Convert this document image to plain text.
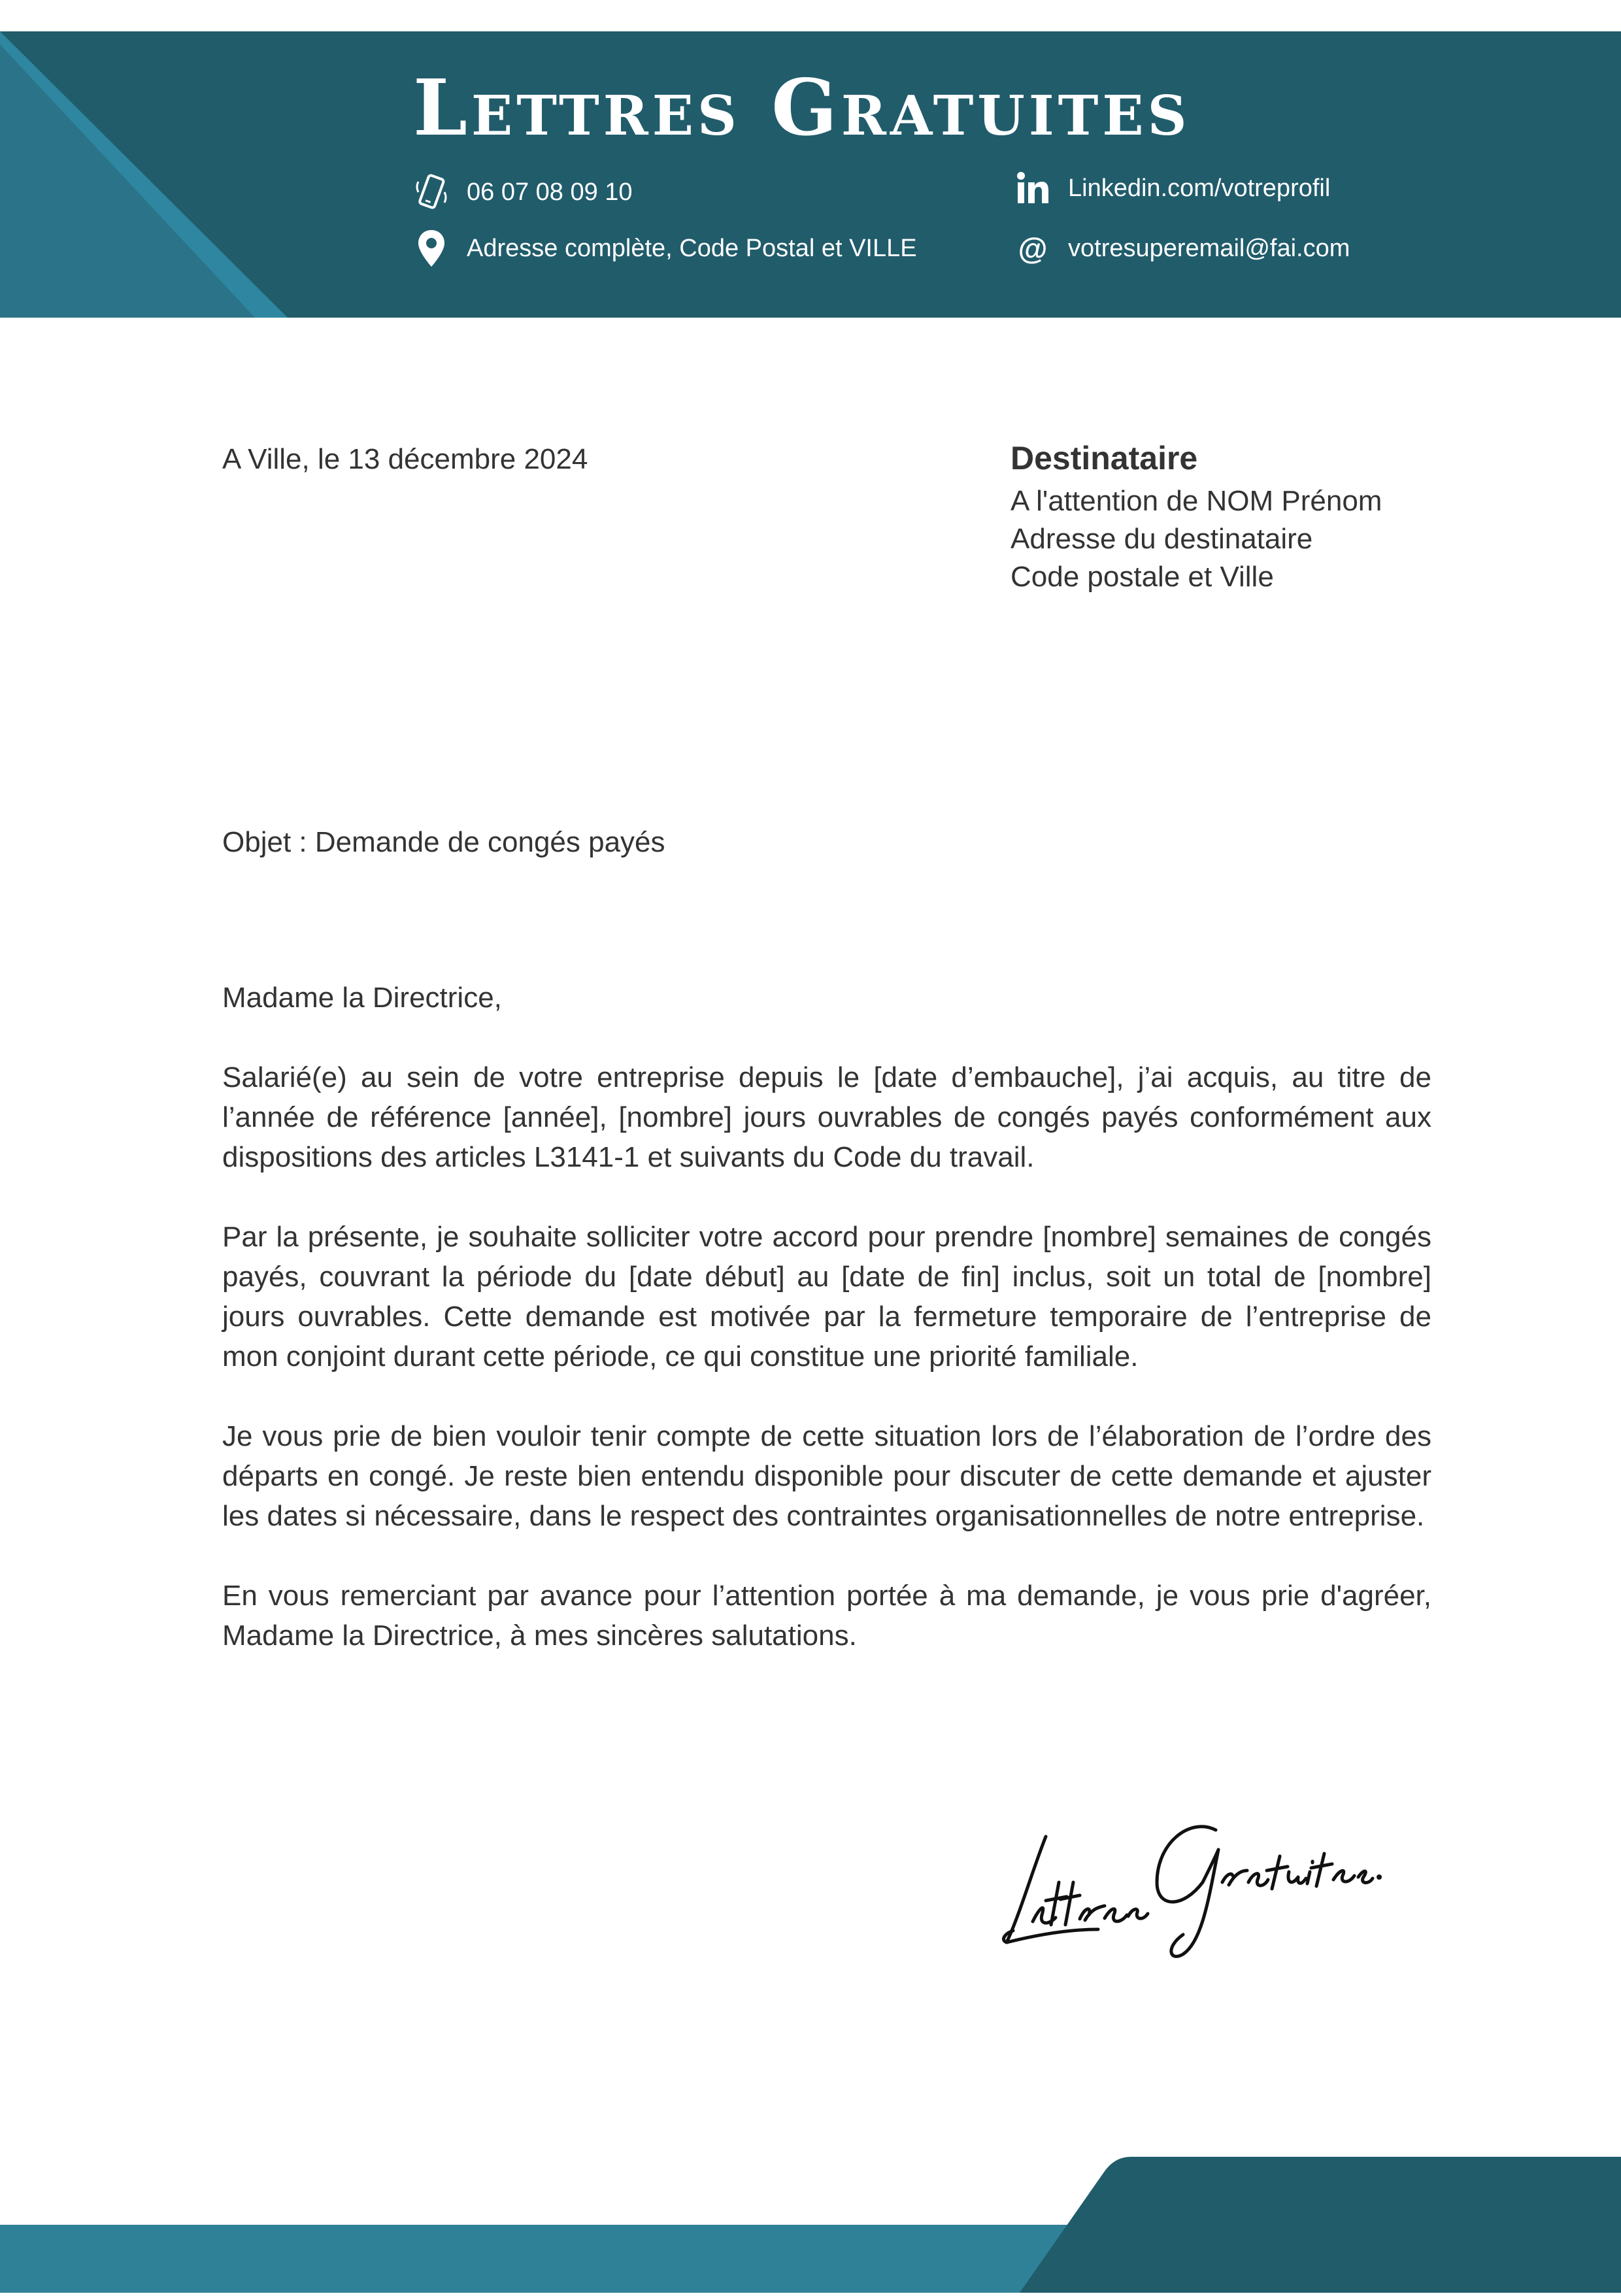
Lettres Gratuites
06 07 08 09 10
Adresse complète, Code Postal et VILLE
Linkedin.com/votreprofil
@ votresuperemail@fai.com
A Ville, le 13 décembre 2024	Destinataire
A l'attention de NOM Prénom
Adresse du destinataire
Code postale et Ville
Objet : Demande de congés payés

Madame la Directrice,

Salarié(e) au sein de votre entreprise depuis le [date d’embauche], j’ai acquis, au titre de l’année de référence [année], [nombre] jours ouvrables de congés payés conformément aux dispositions des articles L3141-1 et suivants du Code du travail.

Par la présente, je souhaite solliciter votre accord pour prendre [nombre] semaines de congés payés, couvrant la période du [date début] au [date de fin] inclus, soit un total de [nombre] jours ouvrables. Cette demande est motivée par la fermeture temporaire de l’entreprise de mon conjoint durant cette période, ce qui constitue une priorité familiale.

Je vous prie de bien vouloir tenir compte de cette situation lors de l’élaboration de l’ordre des départs en congé. Je reste bien entendu disponible pour discuter de cette demande et ajuster les dates si nécessaire, dans le respect des contraintes organisationnelles de notre entreprise.

En vous remerciant par avance pour l’attention portée à ma demande, je vous prie d'agréer, Madame la Directrice, à mes sincères salutations.
